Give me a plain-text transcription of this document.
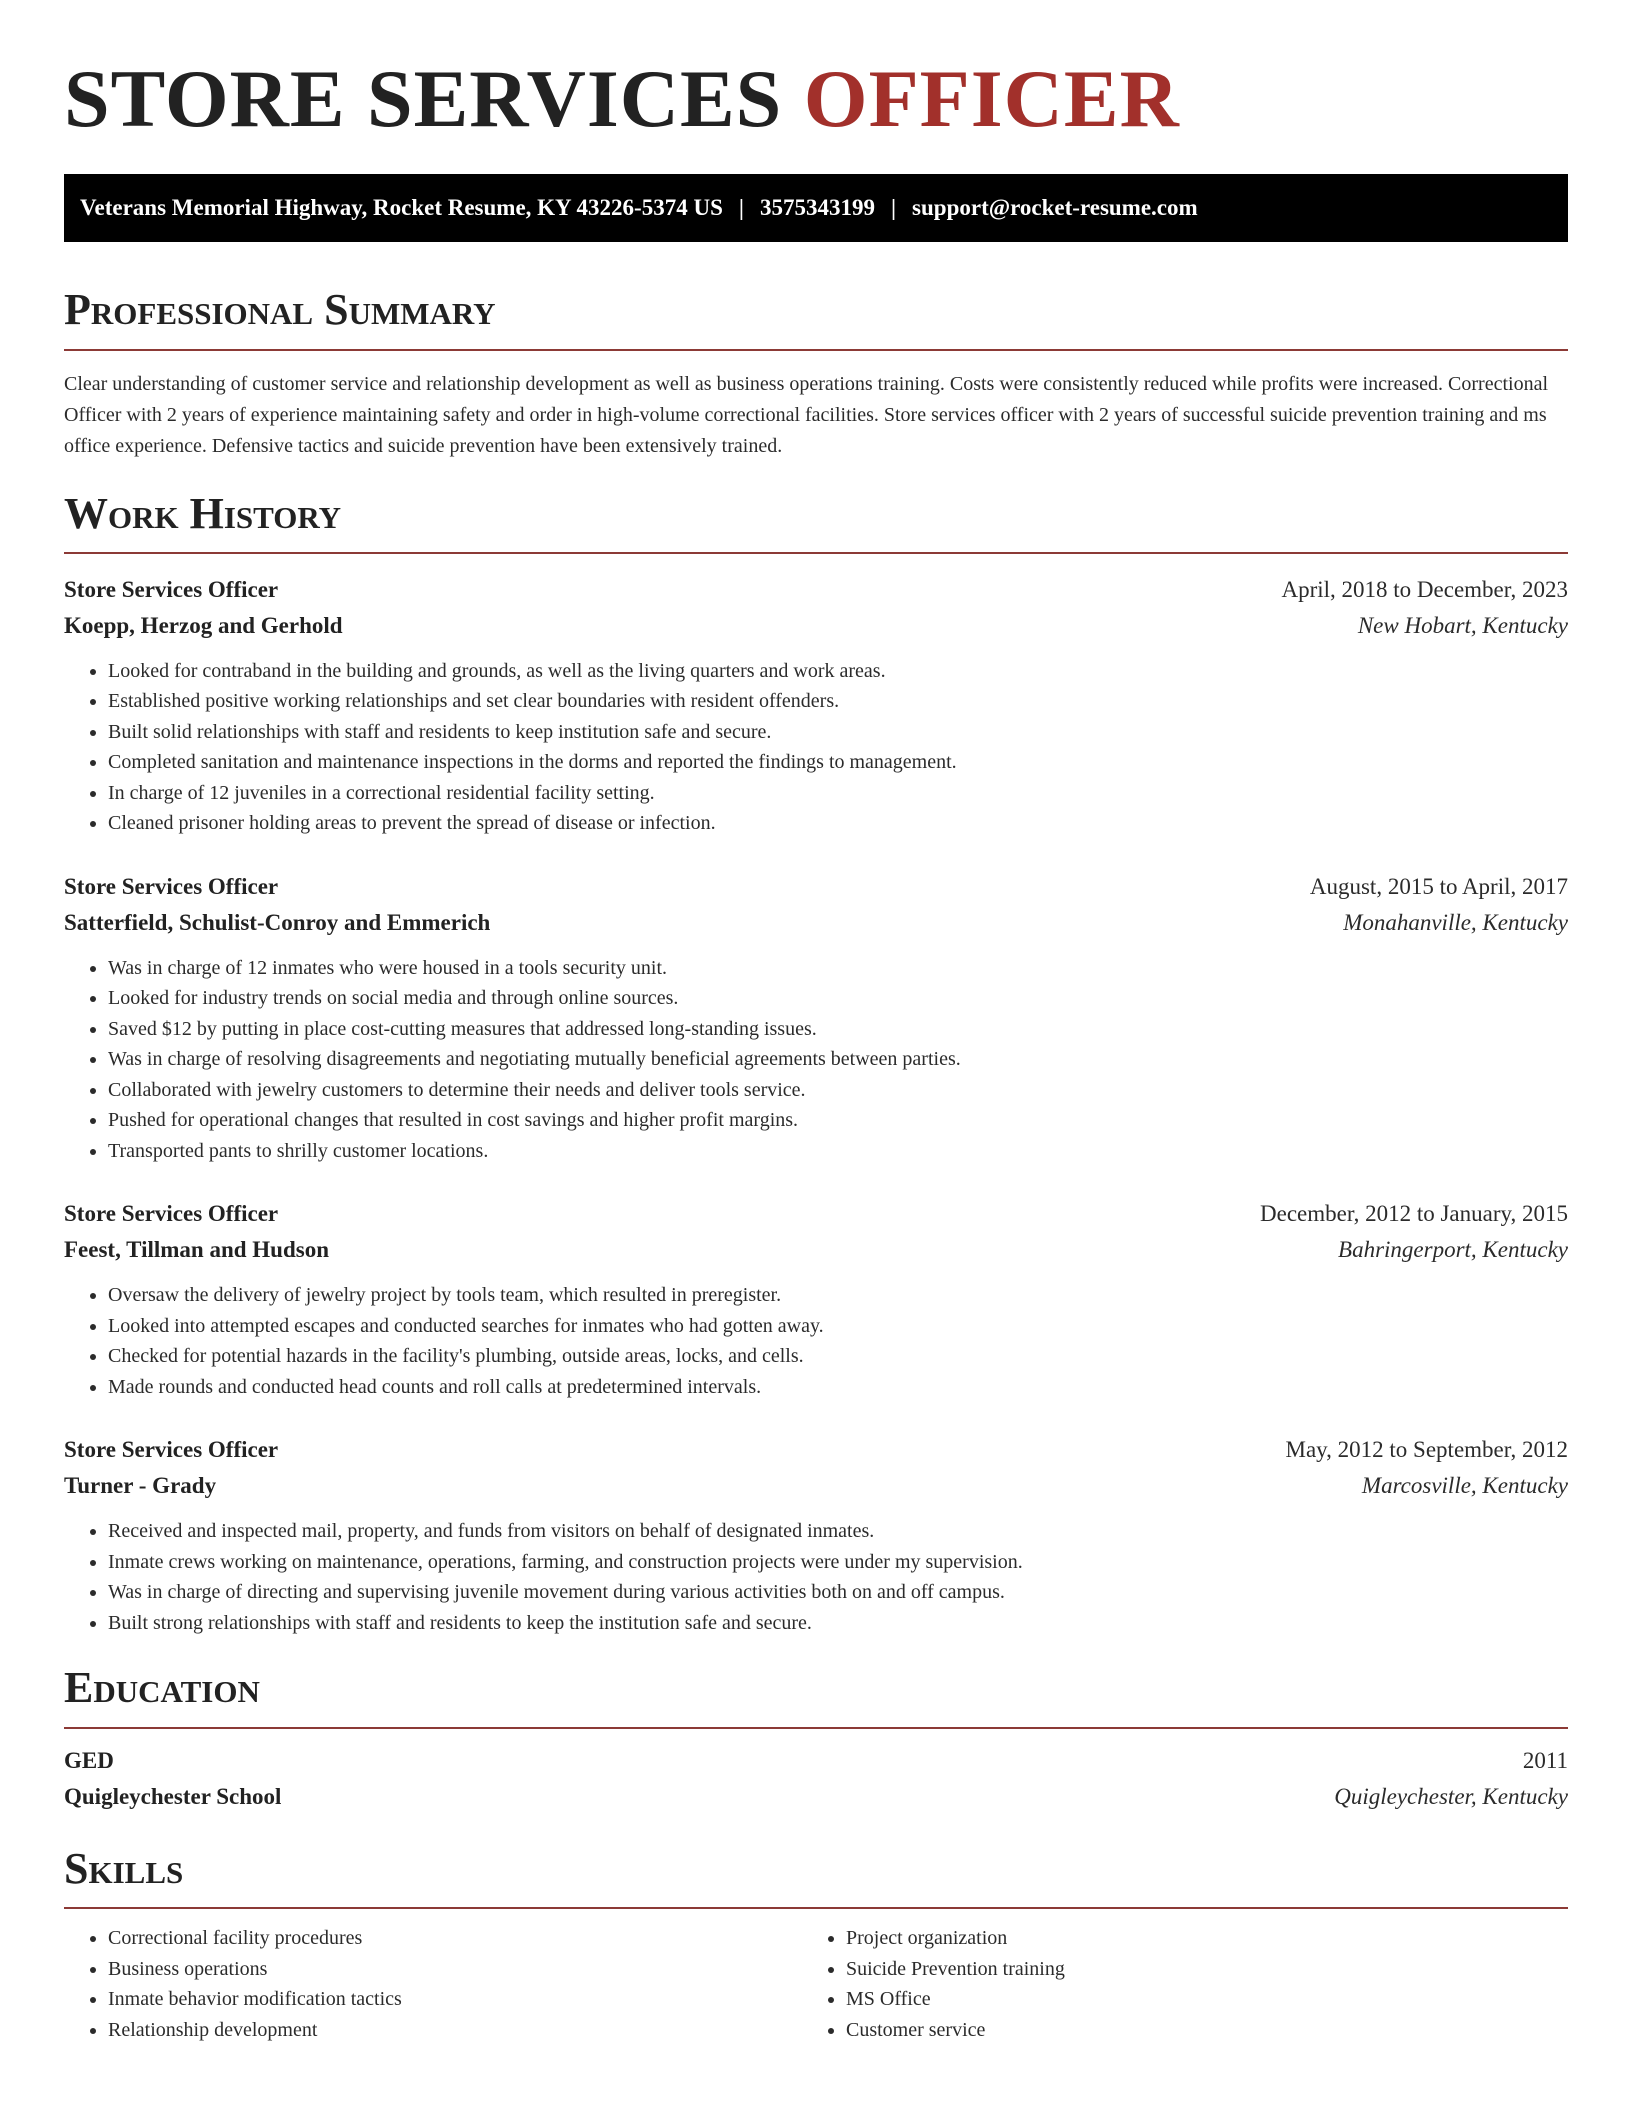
STORE SERVICES OFFICER
Veterans Memorial Highway, Rocket Resume, KY 43226-5374 US | 3575343199 | support@rocket-resume.com
Professional Summary

Clear understanding of customer service and relationship development as well as business operations training. Costs were consistently reduced while profits were increased. Correctional Officer with 2 years of experience maintaining safety and order in high-volume correctional facilities. Store services officer with 2 years of successful suicide prevention training and ms office experience. Defensive tactics and suicide prevention have been extensively trained.

Work History
Store Services Officer	April, 2018 to December, 2023
Koepp, Herzog and Gerhold	New Hobart, Kentucky
• Looked for contraband in the building and grounds, as well as the living quarters and work areas.
• Established positive working relationships and set clear boundaries with resident offenders.
• Built solid relationships with staff and residents to keep institution safe and secure.
• Completed sanitation and maintenance inspections in the dorms and reported the findings to management.
• In charge of 12 juveniles in a correctional residential facility setting.
• Cleaned prisoner holding areas to prevent the spread of disease or infection.
Store Services Officer	August, 2015 to April, 2017
Satterfield, Schulist-Conroy and Emmerich	Monahanville, Kentucky
• Was in charge of 12 inmates who were housed in a tools security unit.
• Looked for industry trends on social media and through online sources.
• Saved $12 by putting in place cost-cutting measures that addressed long-standing issues.
• Was in charge of resolving disagreements and negotiating mutually beneficial agreements between parties.
• Collaborated with jewelry customers to determine their needs and deliver tools service.
• Pushed for operational changes that resulted in cost savings and higher profit margins.
• Transported pants to shrilly customer locations.
Store Services Officer	December, 2012 to January, 2015
Feest, Tillman and Hudson	Bahringerport, Kentucky
• Oversaw the delivery of jewelry project by tools team, which resulted in preregister.
• Looked into attempted escapes and conducted searches for inmates who had gotten away.
• Checked for potential hazards in the facility's plumbing, outside areas, locks, and cells.
• Made rounds and conducted head counts and roll calls at predetermined intervals.
Store Services Officer	May, 2012 to September, 2012
Turner - Grady	Marcosville, Kentucky
• Received and inspected mail, property, and funds from visitors on behalf of designated inmates.
• Inmate crews working on maintenance, operations, farming, and construction projects were under my supervision.
• Was in charge of directing and supervising juvenile movement during various activities both on and off campus.
• Built strong relationships with staff and residents to keep the institution safe and secure.
Education
GED	2011
Quigleychester School	Quigleychester, Kentucky
Skills
• Correctional facility procedures
• Business operations
• Inmate behavior modification tactics
• Relationship development
• Project organization
• Suicide Prevention training
• MS Office
• Customer service
